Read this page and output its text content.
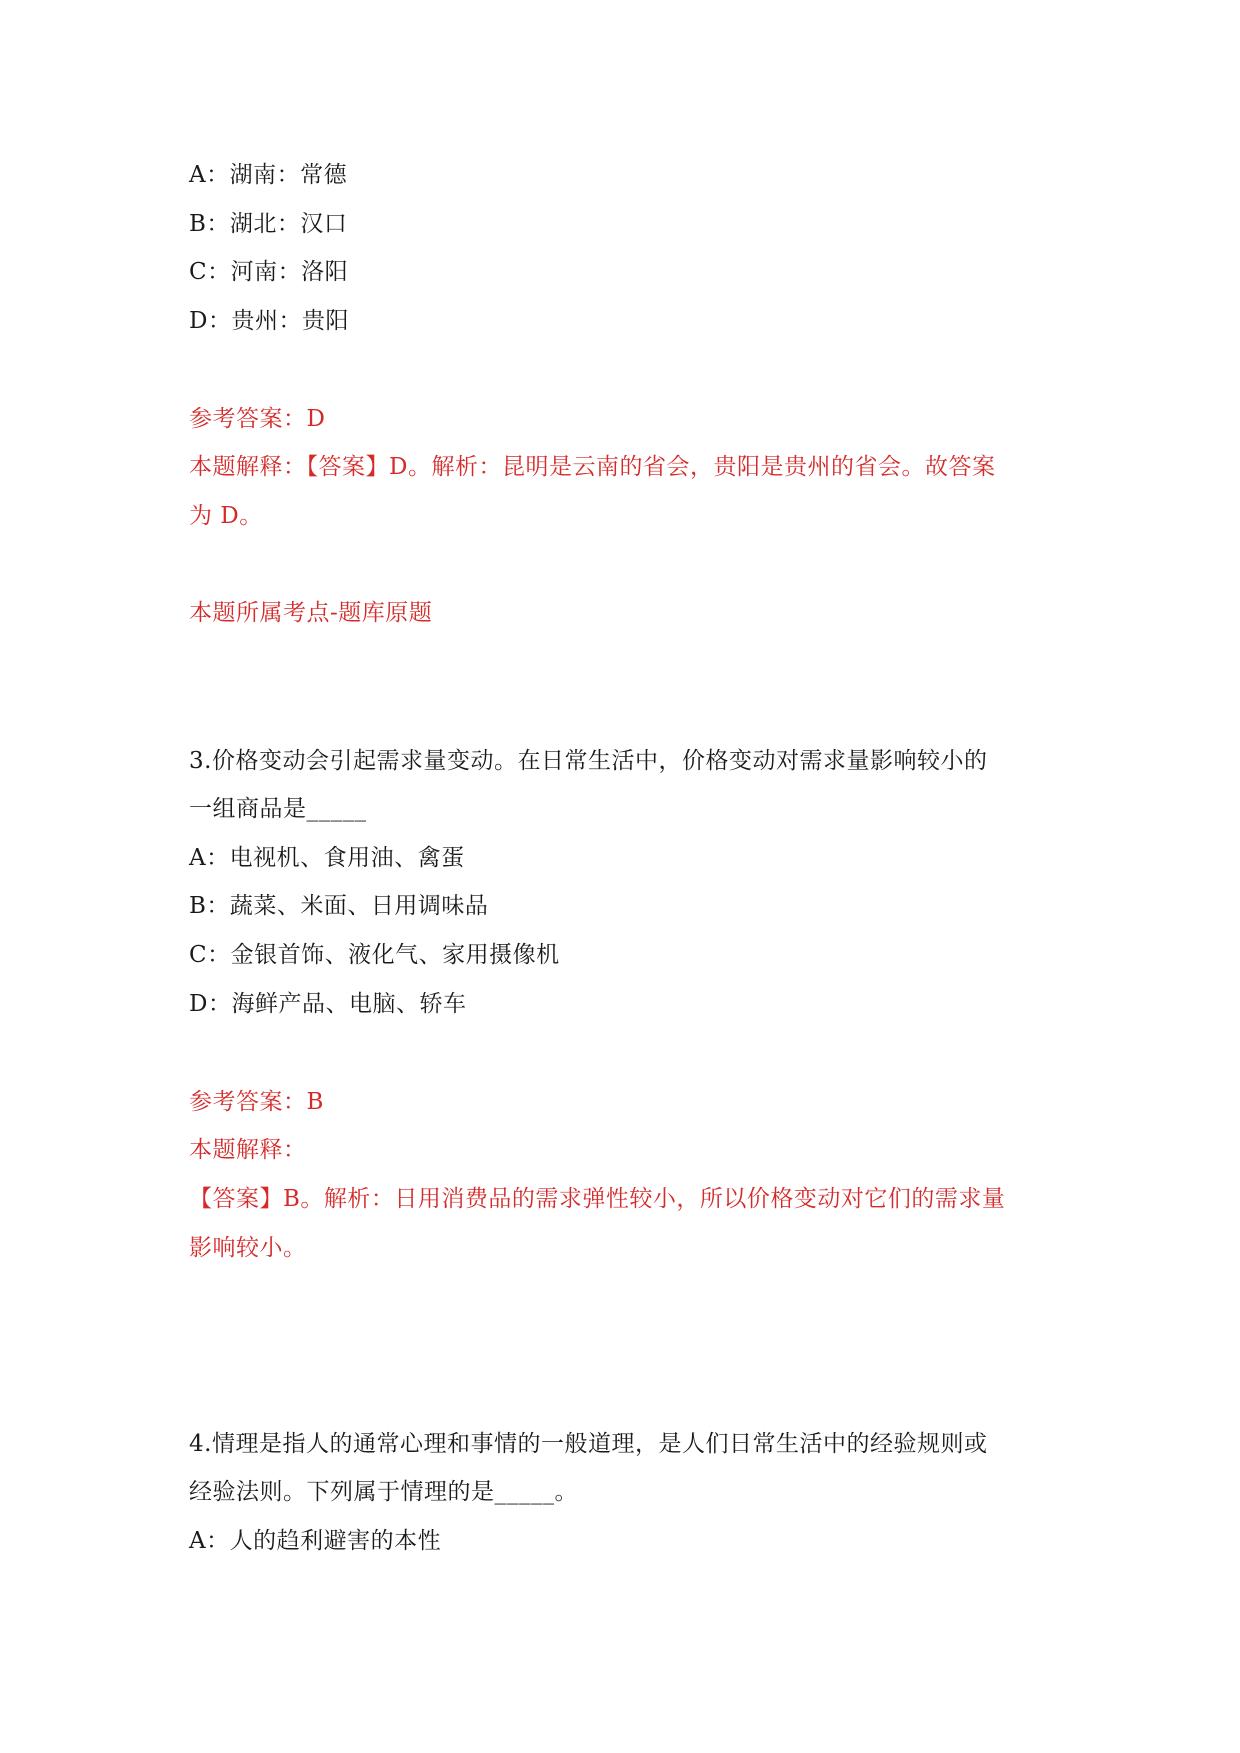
A：湖南：常德
B：湖北：汉口
C：河南：洛阳
D：贵州：贵阳
参考答案：D
本题解释：【答案】D。解析：昆明是云南的省会，贵阳是贵州的省会。故答案
为 D。
本题所属考点-题库原题
3.价格变动会引起需求量变动。在日常生活中，价格变动对需求量影响较小的
一组商品是_____
A：电视机、食用油、禽蛋
B：蔬菜、米面、日用调味品
C：金银首饰、液化气、家用摄像机
D：海鲜产品、电脑、轿车
参考答案：B
本题解释：
【答案】B。解析：日用消费品的需求弹性较小，所以价格变动对它们的需求量
影响较小。
4.情理是指人的通常心理和事情的一般道理，是人们日常生活中的经验规则或
经验法则。下列属于情理的是_____。
A：人的趋利避害的本性
